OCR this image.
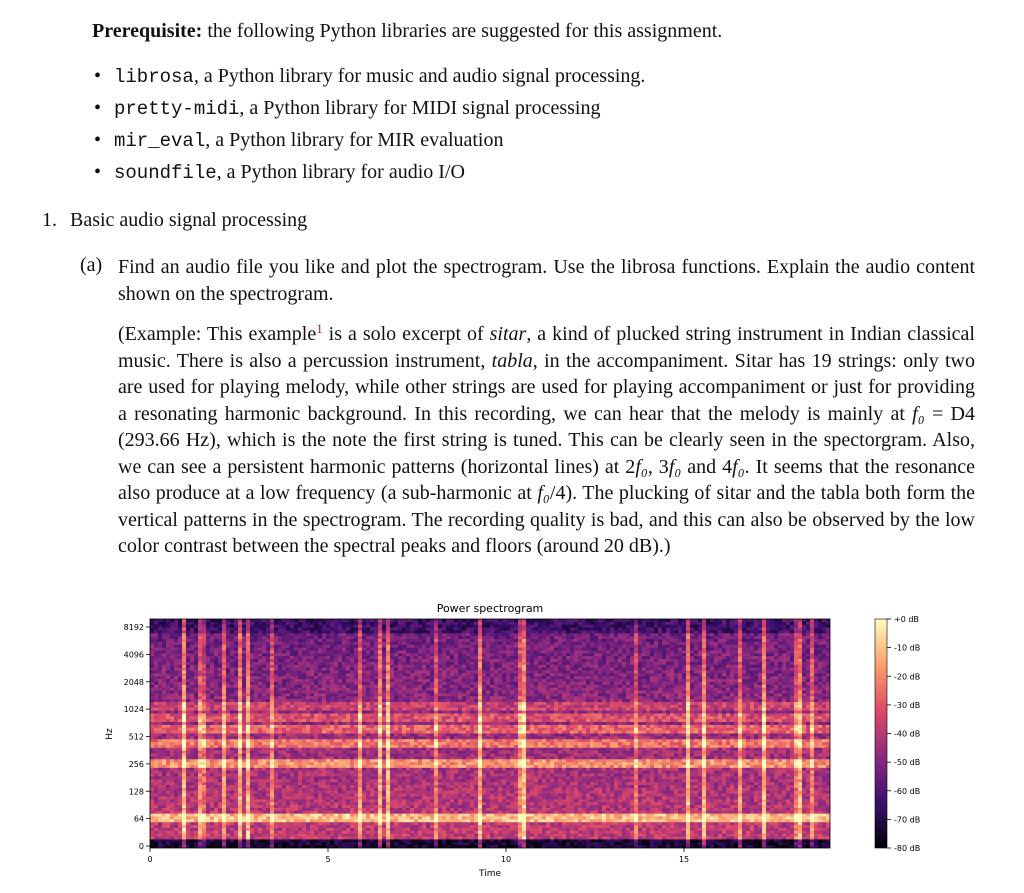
Prerequisite: the following Python libraries are suggested for this assignment.
• librosa, a Python library for music and audio signal processing.
• pretty-midi, a Python library for MIDI signal processing
• mir_eval, a Python library for MIR evaluation
• soundfile, a Python library for audio I/O
1. Basic audio signal processing
(a) Find an audio file you like and plot the spectrogram. Use the librosa functions. Explain the audio content shown on the spectrogram.

(Example: This example$^1$ is a solo excerpt of sitar, a kind of plucked string instrument in Indian classical music. There is also a percussion instrument, tabla, in the accompaniment. Sitar has 19 strings: only two are used for playing melody, while other strings are used for playing accompaniment or just for providing a resonating harmonic background. In this recording, we can hear that the melody is mainly at f₀ = D4 (293.66 Hz), which is the note the first string is tuned. This can be clearly seen in the spectorgram. Also, we can see a persistent harmonic patterns (horizontal lines) at 2f₀, 3f₀ and 4f₀. It seems that the resonance also produce at a low frequency (a sub-harmonic at f₀/4). The plucking of sitar and the tabla both form the vertical patterns in the spectrogram. The recording quality is bad, and this can also be observed by the low color contrast between the spectral peaks and floors (around 20 dB).)

Power spectrogram
0
64
128
256
512
1024
2048
4096
8192
0	5	10	15
Hz
Time
+0 dB
-10 dB
-20 dB
-30 dB
-40 dB
-50 dB
-60 dB
-70 dB
-80 dB
